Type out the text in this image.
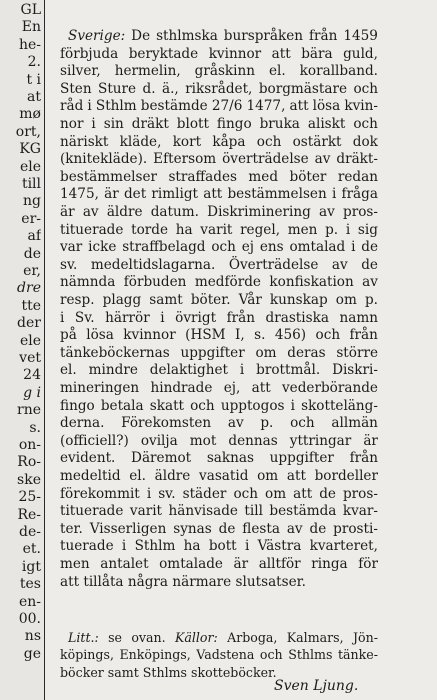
GL
En
he-
2.
t i
at
mø
ort,
KG
ele
till
ng
er-
af
de
er,
dre
tte
der
ele
vet
24
g i
rne
s.
on-
Ro-
ske
25-
Re-
de-
et.
igt
tes
en-
00.
ns
ge
Sverige: De sthlmska burspråken från 1459
förbjuda beryktade kvinnor att bära guld,
silver, hermelin, gråskinn el. korallband.
Sten Sture d. ä., riksrådet, borgmästare och
råd i Sthlm bestämde 27/6 1477, att lösa kvin-
nor i sin dräkt blott fingo bruka aliskt och
näriskt kläde, kort kåpa och ostärkt dok
(knitekläde). Eftersom överträdelse av dräkt-
bestämmelser straffades med böter redan
1475, är det rimligt att bestämmelsen i fråga
är av äldre datum. Diskriminering av pros-
tituerade torde ha varit regel, men p. i sig
var icke straffbelagd och ej ens omtalad i de
sv. medeltidslagarna. Överträdelse av de
nämnda förbuden medförde konfiskation av
resp. plagg samt böter. Vår kunskap om p.
i Sv. härrör i övrigt från drastiska namn
på lösa kvinnor (HSM I, s. 456) och från
tänkeböckernas uppgifter om deras större
el. mindre delaktighet i brottmål. Diskri-
mineringen hindrade ej, att vederbörande
fingo betala skatt och upptogos i skotteläng-
derna. Förekomsten av p. och allmän
(officiell?) ovilja mot dennas yttringar är
evident. Däremot saknas uppgifter från
medeltid el. äldre vasatid om att bordeller
förekommit i sv. städer och om att de pros-
tituerade varit hänvisade till bestämda kvar-
ter. Visserligen synas de flesta av de prosti-
tuerade i Sthlm ha bott i Västra kvarteret,
men antalet omtalade är alltför ringa för
att tillåta några närmare slutsatser.
Litt.: se ovan. Källor: Arboga, Kalmars, Jön-
köpings, Enköpings, Vadstena och Sthlms tänke-
böcker samt Sthlms skotteböcker.
Sven Ljung.
